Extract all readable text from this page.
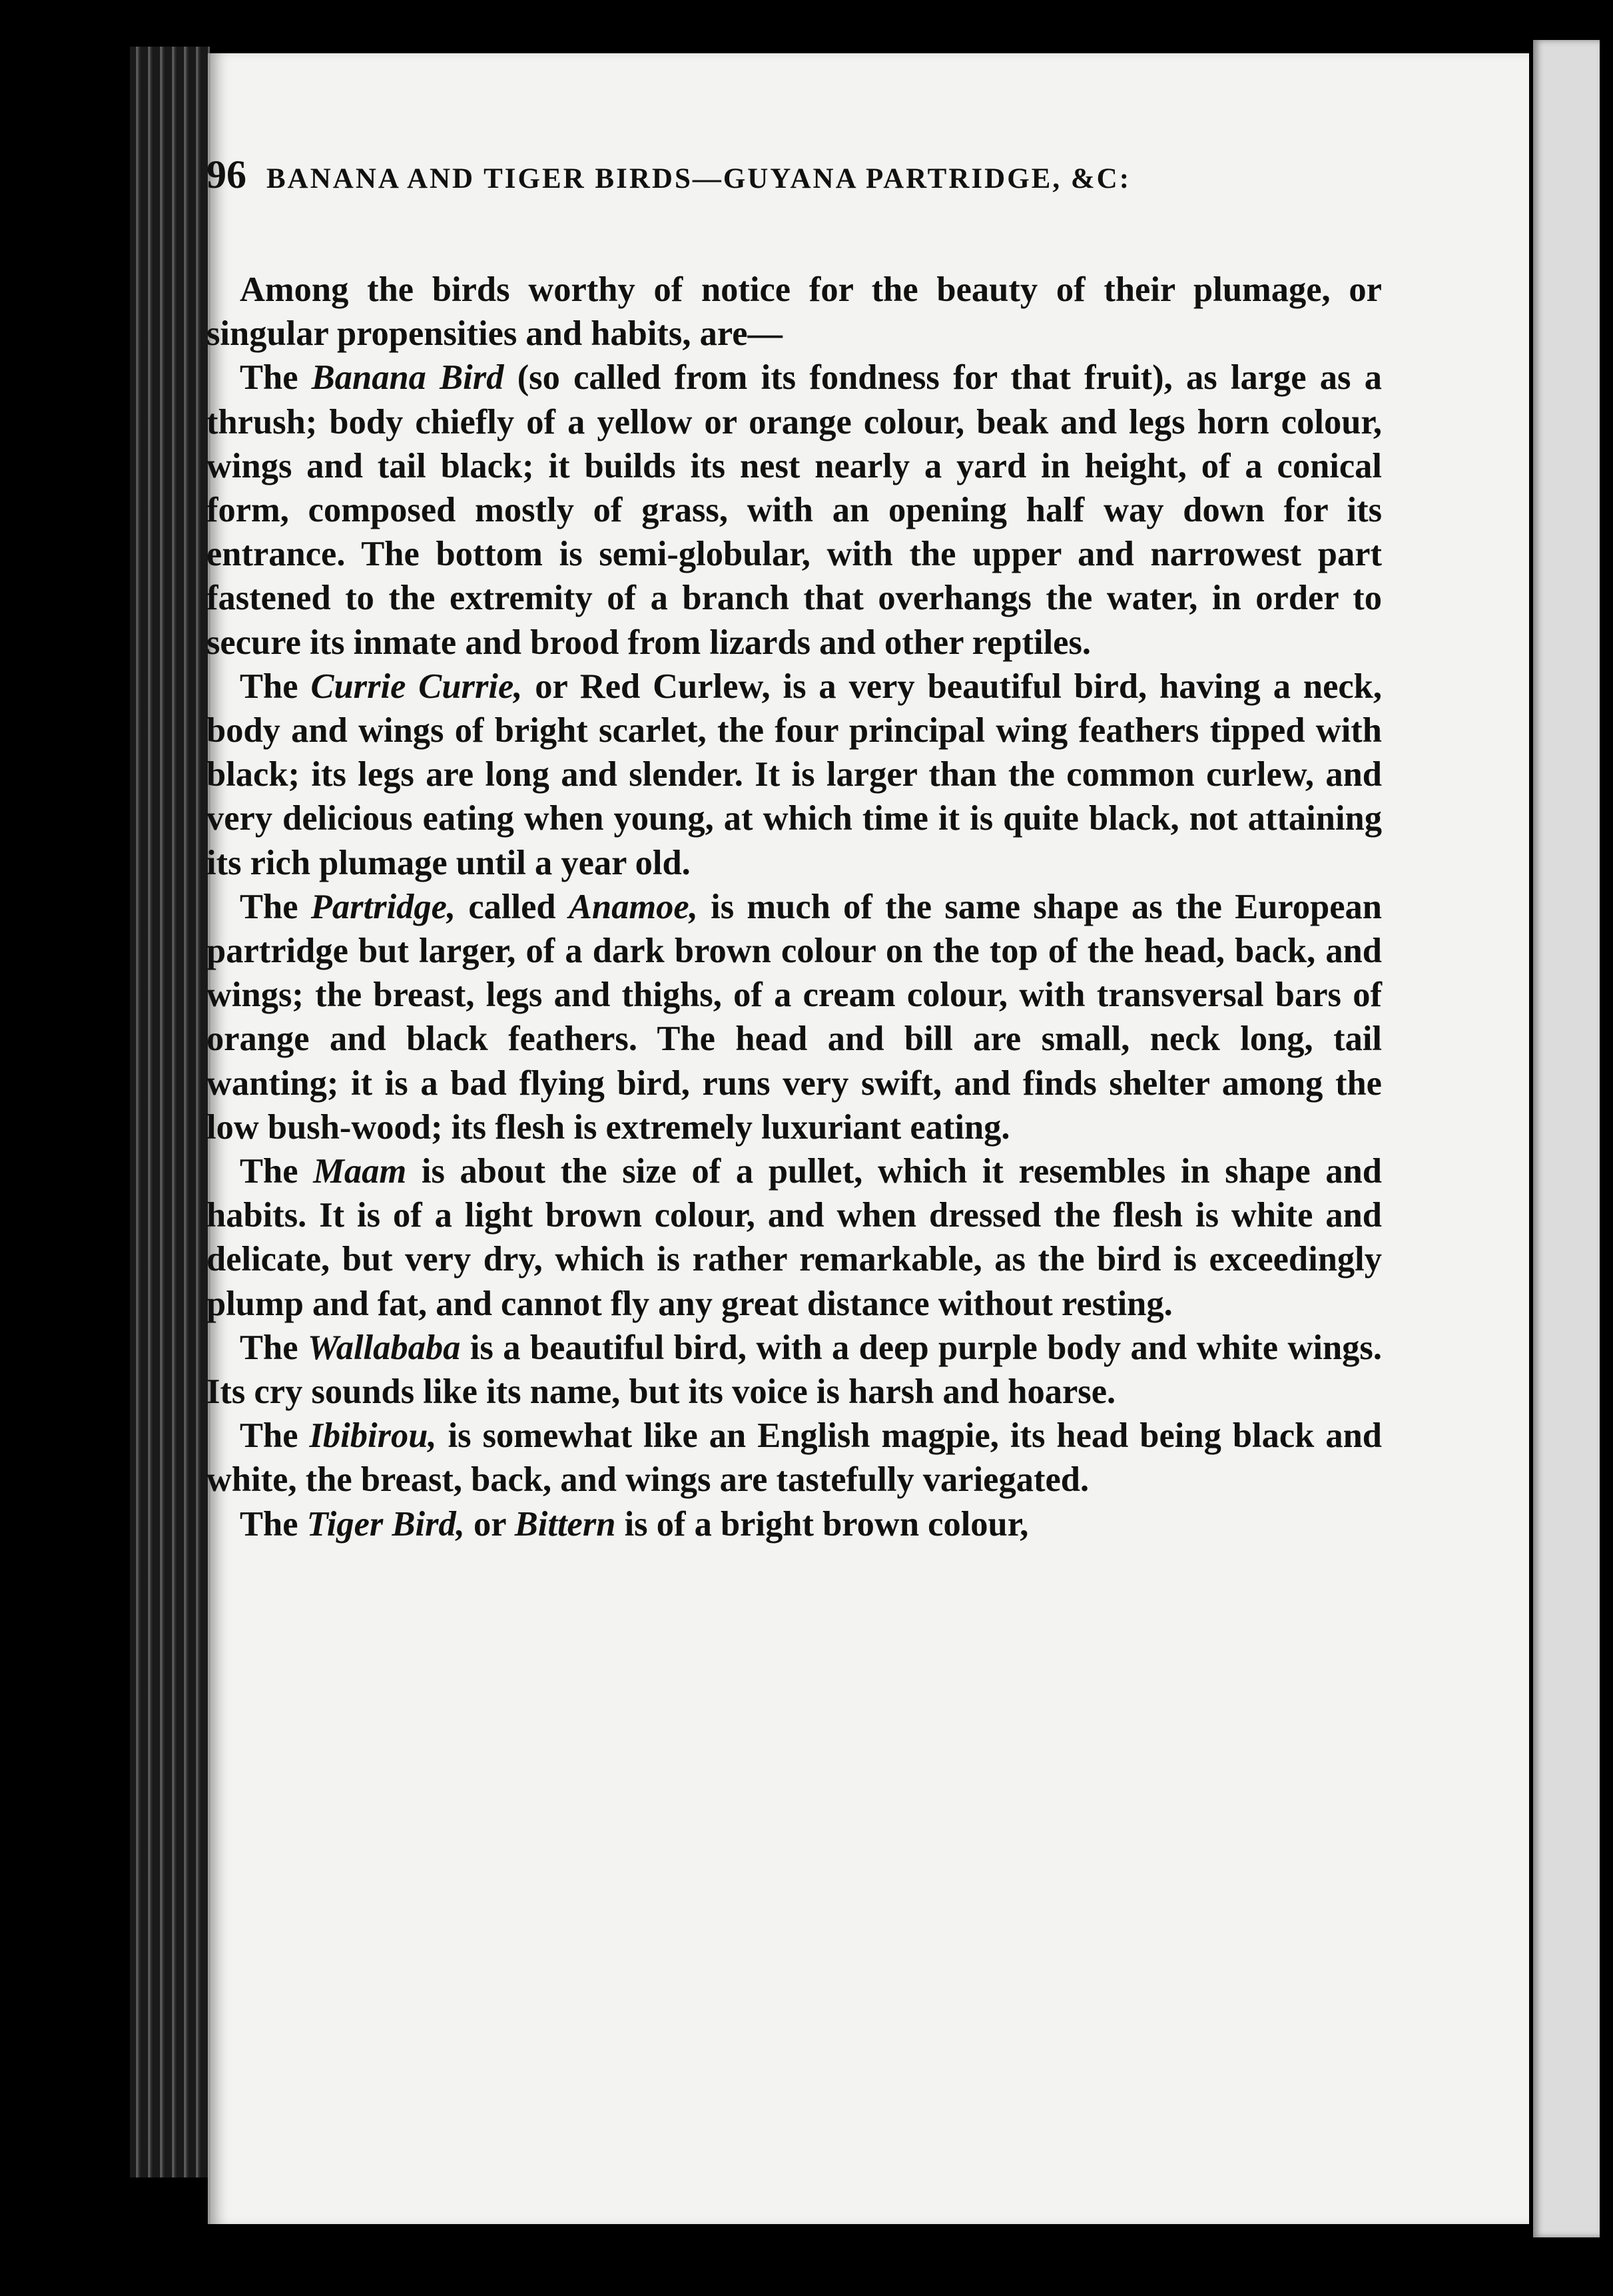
96 BANANA AND TIGER BIRDS—GUYANA PARTRIDGE, &C:

Among the birds worthy of notice for the beauty of their plumage, or singular propensities and habits, are—

The Banana Bird (so called from its fondness for that fruit), as large as a thrush; body chiefly of a yellow or orange colour, beak and legs horn colour, wings and tail black; it builds its nest nearly a yard in height, of a conical form, composed mostly of grass, with an opening half way down for its entrance. The bottom is semi-globular, with the upper and narrowest part fastened to the extremity of a branch that overhangs the water, in order to secure its inmate and brood from lizards and other reptiles.

The Currie Currie, or Red Curlew, is a very beautiful bird, having a neck, body and wings of bright scarlet, the four principal wing feathers tipped with black; its legs are long and slender. It is larger than the common curlew, and very delicious eating when young, at which time it is quite black, not attaining its rich plumage until a year old.

The Partridge, called Anamoe, is much of the same shape as the European partridge but larger, of a dark brown colour on the top of the head, back, and wings; the breast, legs and thighs, of a cream colour, with transversal bars of orange and black feathers. The head and bill are small, neck long, tail wanting; it is a bad flying bird, runs very swift, and finds shelter among the low bush-wood; its flesh is extremely luxuriant eating.

The Maam is about the size of a pullet, which it resembles in shape and habits. It is of a light brown colour, and when dressed the flesh is white and delicate, but very dry, which is rather remarkable, as the bird is exceedingly plump and fat, and cannot fly any great distance without resting.

The Wallababa is a beautiful bird, with a deep purple body and white wings. Its cry sounds like its name, but its voice is harsh and hoarse.

The Ibibirou, is somewhat like an English magpie, its head being black and white, the breast, back, and wings are tastefully variegated.

The Tiger Bird, or Bittern is of a bright brown colour,
